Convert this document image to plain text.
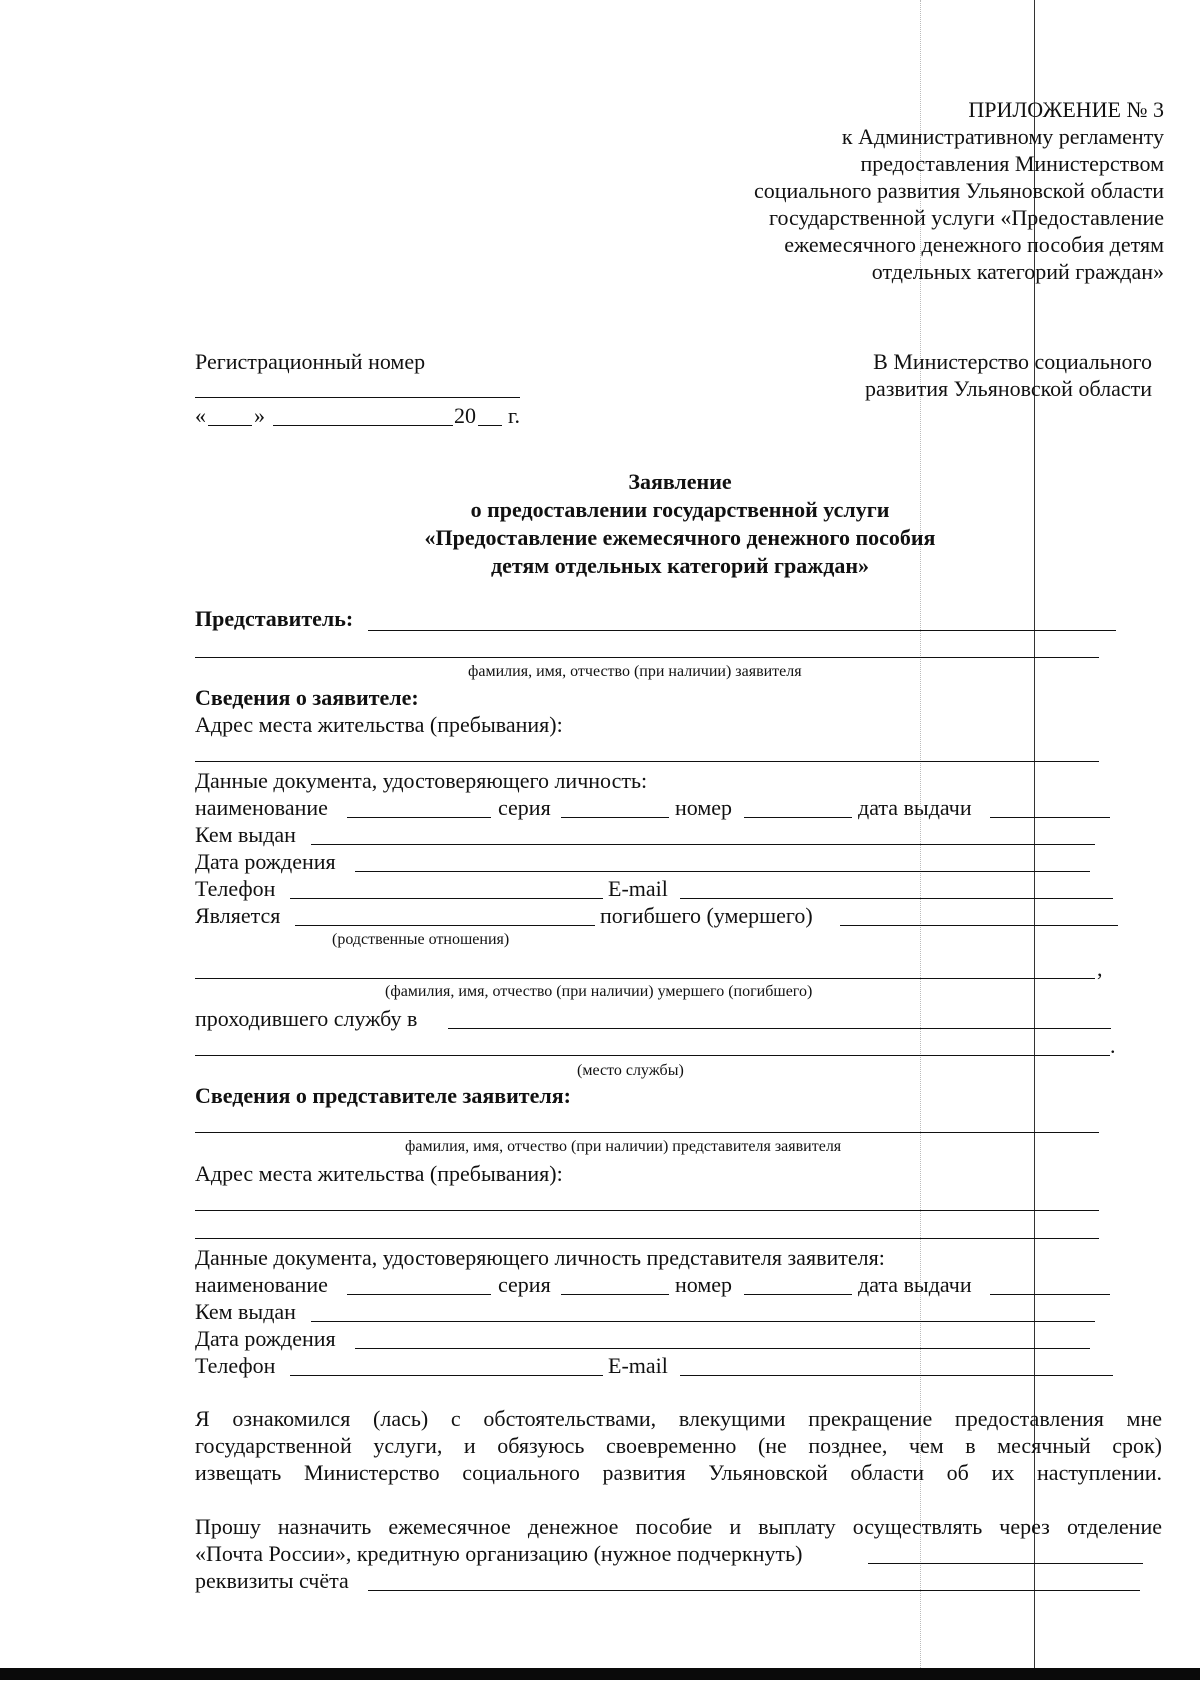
ПРИЛОЖЕНИЕ № 3
к Административному регламенту
предоставления Министерством
социального развития Ульяновской области
государственной услуги «Предоставление
ежемесячного денежного пособия детям
отдельных категорий граждан»
Регистрационный номер
« »	20 г.
В Министерство социального
развития Ульяновской области
Заявление
о предоставлении государственной услуги
«Предоставление ежемесячного денежного пособия
детям отдельных категорий граждан»
Представитель:
фамилия, имя, отчество (при наличии) заявителя
Сведения о заявителе:
Адрес места жительства (пребывания):
Данные документа, удостоверяющего личность:
наименование	серия	номер	дата выдачи
Кем выдан
Дата рождения
Телефон	E-mail
Является	погибшего (умершего)
(родственные отношения)
,
(фамилия, имя, отчество (при наличии) умершего (погибшего)
проходившего службу в
.
(место службы)
Сведения о представителе заявителя:
фамилия, имя, отчество (при наличии) представителя заявителя
Адрес места жительства (пребывания):
Данные документа, удостоверяющего личность представителя заявителя:
наименование	серия	номер	дата выдачи
Кем выдан
Дата рождения
Телефон	E-mail
Я ознакомился (лась) с обстоятельствами, влекущими прекращение предоставления мне
государственной услуги, и обязуюсь своевременно (не позднее, чем в месячный срок)
извещать Министерство социального развития Ульяновской области об их наступлении.
Прошу назначить ежемесячное денежное пособие и выплату осуществлять через отделение
«Почта России», кредитную организацию (нужное подчеркнуть)
реквизиты счёта
